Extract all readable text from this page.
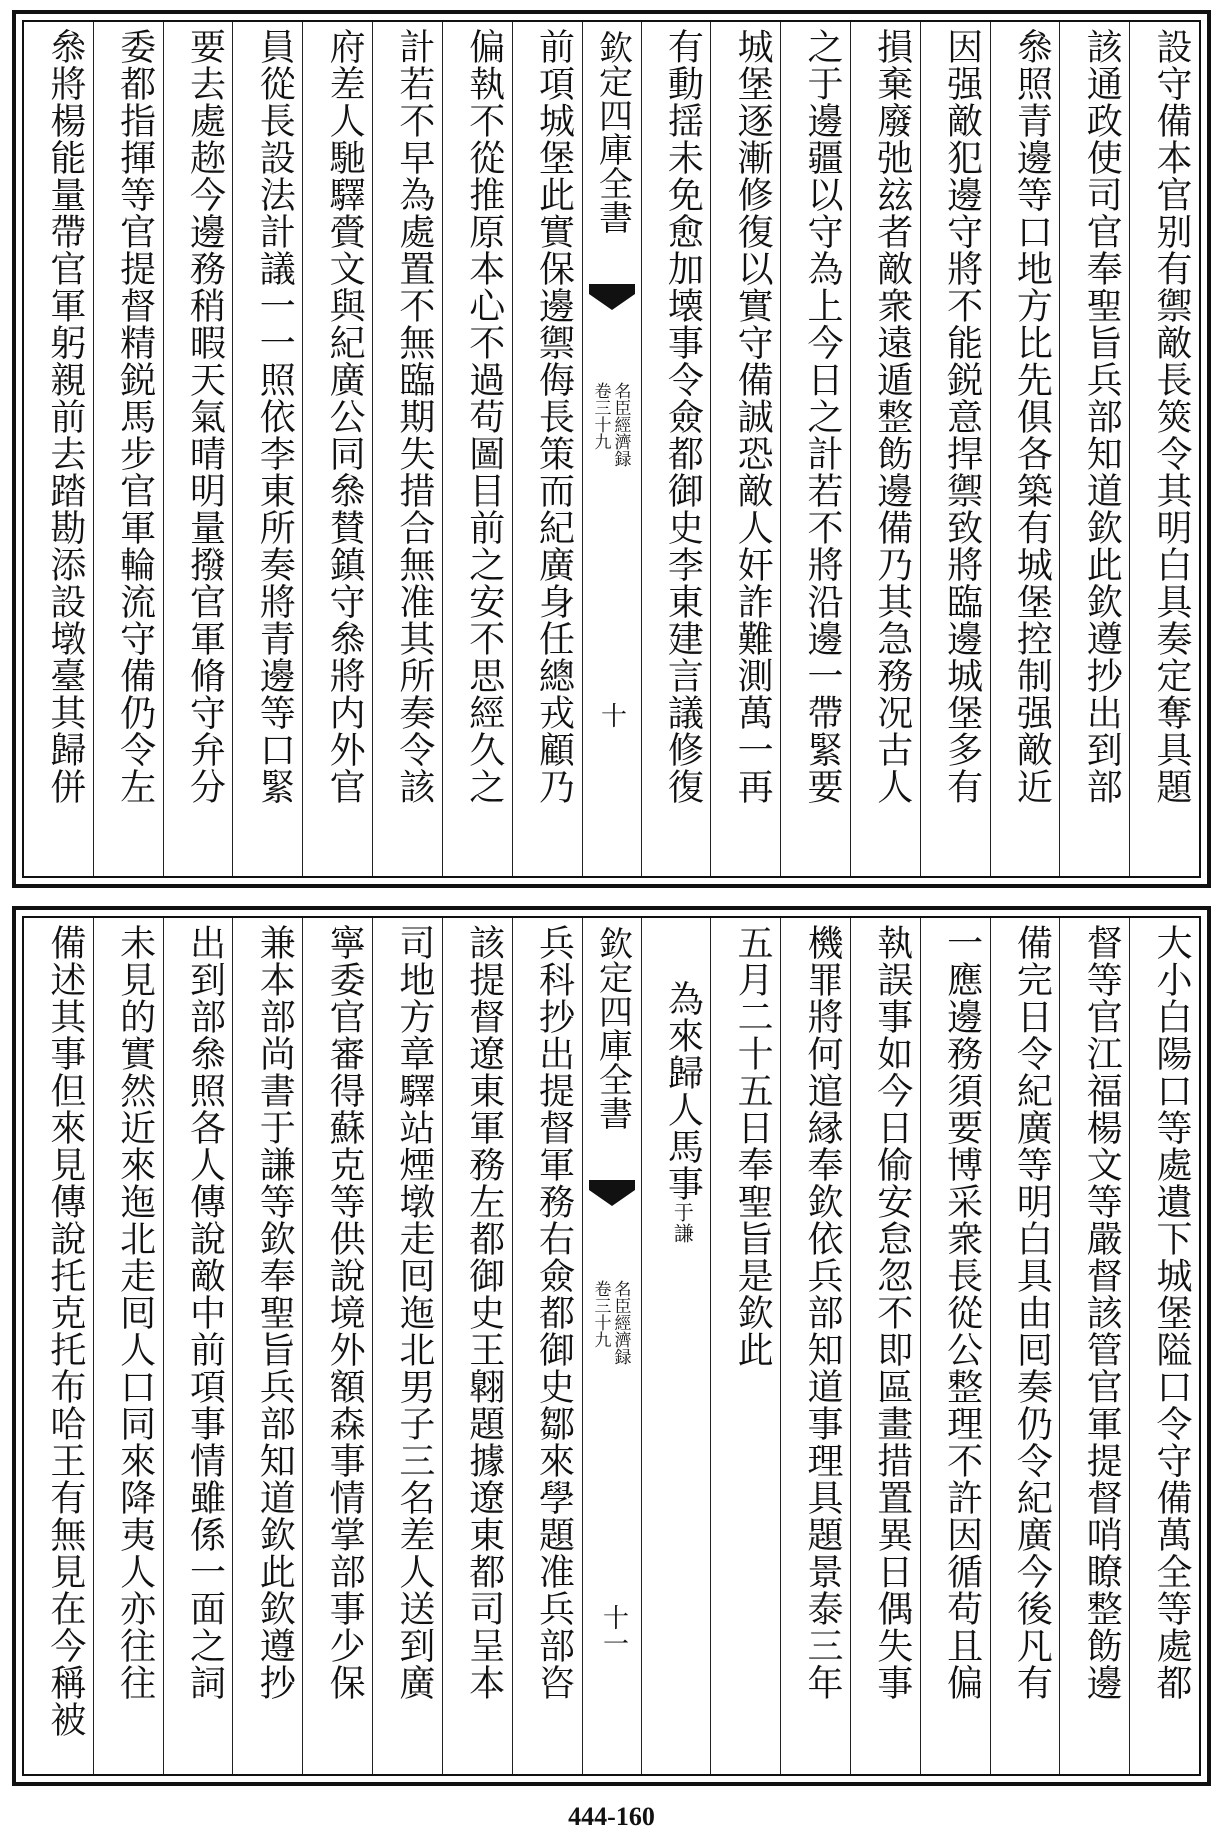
設守備本官别有禦敵長筴令其明白具奏定奪具題
該通政使司官奉聖旨兵部知道欽此欽遵抄出到部
叅照青邊等口地方比先俱各築有城堡控制强敵近
因强敵犯邊守將不能鋭意捍禦致將臨邊城堡多有
損棄廢弛玆者敵衆遠遁整飭邊備乃其急務况古人
之于邊疆以守為上今日之計若不將沿邊一帶緊要
城堡逐漸修復以實守備誠恐敵人奸詐難測萬一再
有動揺未免愈加壊事令僉都御史李東建言議修復
欽定四庫全書
名臣經濟録
卷三十九
十
前項城堡此實保邊禦侮長策而紀廣身任總戎顧乃
偏執不從推原本心不過苟圖目前之安不思經久之
計若不早為處置不無臨期失措合無准其所奏令該
府差人馳驛賫文與紀廣公同叅賛鎮守叅將内外官
員從長設法計議一一照依李東所奏將青邊等口緊
要去處趂今邊務稍暇天氣晴明量撥官軍脩守弁分
委都指揮等官提督精鋭馬步官軍輪流守備仍令左
叅將楊能量帶官軍躬親前去踏勘添設墩臺其歸併
大小白陽口等處遺下城堡隘口令守備萬全等處都
督等官江福楊文等嚴督該管官軍提督哨瞭整飭邊
備完日令紀廣等明白具由囘奏仍令紀廣今後凡有
一應邊務須要博采衆長從公整理不許因循苟且偏
執誤事如今日偷安怠忽不即區畫措置異日偶失事
機罪將何逭縁奉欽依兵部知道事理具題景泰三年
五月二十五日奉聖旨是欽此
為來歸人馬事于謙
欽定四庫全書
名臣經濟録
卷三十九
十一
兵科抄出提督軍務右僉都御史鄒來學題准兵部咨
該提督遼東軍務左都御史王翺題據遼東都司呈本
司地方章驛站煙墩走囘迤北男子三名差人送到廣
寧委官審得蘇克等供說境外額森事情掌部事少保
兼本部尚書于謙等欽奉聖旨兵部知道欽此欽遵抄
出到部叅照各人傳說敵中前項事情雖係一面之詞
未見的實然近來迤北走囘人口同來降夷人亦往往
備述其事但來見傳說托克托布哈王有無見在今稱被
444-160
